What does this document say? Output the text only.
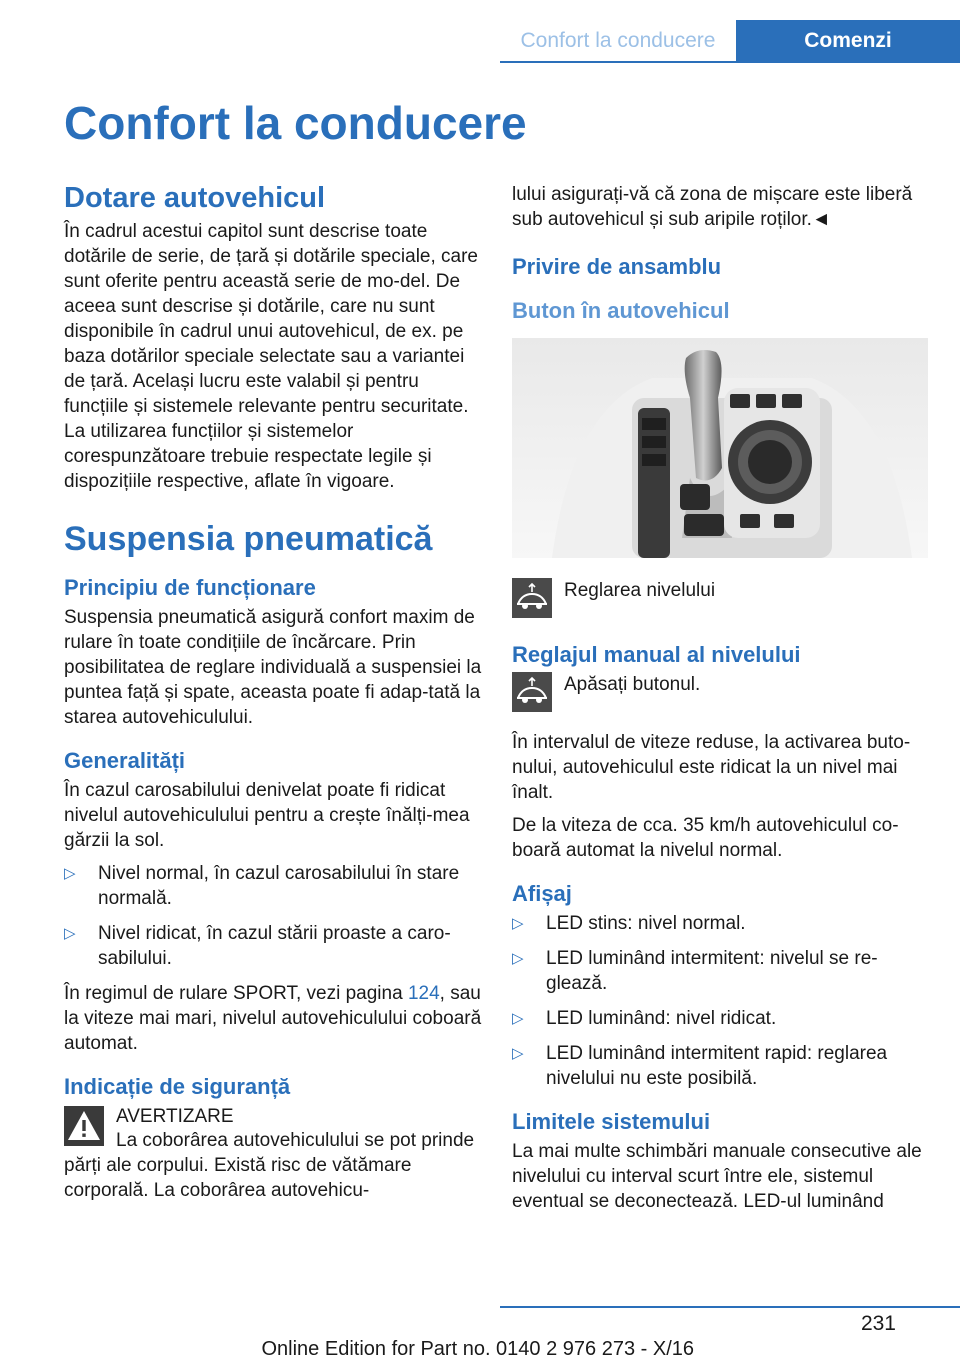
Confort la conducere	Comenzi
Confort la conducere
Dotare autovehicul

În cadrul acestui capitol sunt descrise toate dotările de serie, de țară și dotările speciale, care sunt oferite pentru această serie de mo-del. De aceea sunt descrise și dotările, care nu sunt disponibile în cadrul unui autovehicul, de ex. pe baza dotărilor speciale selectate sau a variantei de țară. Același lucru este valabil și pentru funcțiile și sistemele relevante pentru securitate. La utilizarea funcțiilor și sistemelor corespunzătoare trebuie respectate legile și dispozițiile respective, aflate în vigoare.

Suspensia pneumatică
Principiu de funcționare

Suspensia pneumatică asigură confort maxim de rulare în toate condițiile de încărcare. Prin posibilitatea de reglare individuală a suspensiei la puntea față și spate, aceasta poate fi adap-tată la starea autovehiculului.

Generalități

În cazul carosabilului denivelat poate fi ridicat nivelul autovehiculului pentru a crește înălți-mea gărzii la sol.

▷ Nivel normal, în cazul carosabilului în stare normală.
▷ Nivel ridicat, în cazul stării proaste a caro-sabilului.

În regimul de rulare SPORT, vezi pagina 124, sau la viteze mai mari, nivelul autovehiculului coboară automat.

Indicație de siguranță

AVERTIZARE

La coborârea autovehiculului se pot prinde părți ale corpului. Există risc de vătămare corporală. La coborârea autovehicu-

lului asigurați-vă că zona de mișcare este liberă sub autovehicul și sub aripile roților.◄

Privire de ansamblu
Buton în autovehicul
Reglarea nivelului
Reglajul manual al nivelului
Apăsați butonul.

În intervalul de viteze reduse, la activarea buto-nului, autovehiculul este ridicat la un nivel mai înalt.

De la viteza de cca. 35 km/h autovehiculul co-boară automat la nivelul normal.

Afișaj
▷ LED stins: nivel normal.
▷ LED luminând intermitent: nivelul se re-glează.
▷ LED luminând: nivel ridicat.
▷ LED luminând intermitent rapid: reglarea nivelului nu este posibilă.
Limitele sistemului

La mai multe schimbări manuale consecutive ale nivelului cu interval scurt între ele, sistemul eventual se deconectează. LED-ul luminând

231
Online Edition for Part no. 0140 2 976 273 - X/16
